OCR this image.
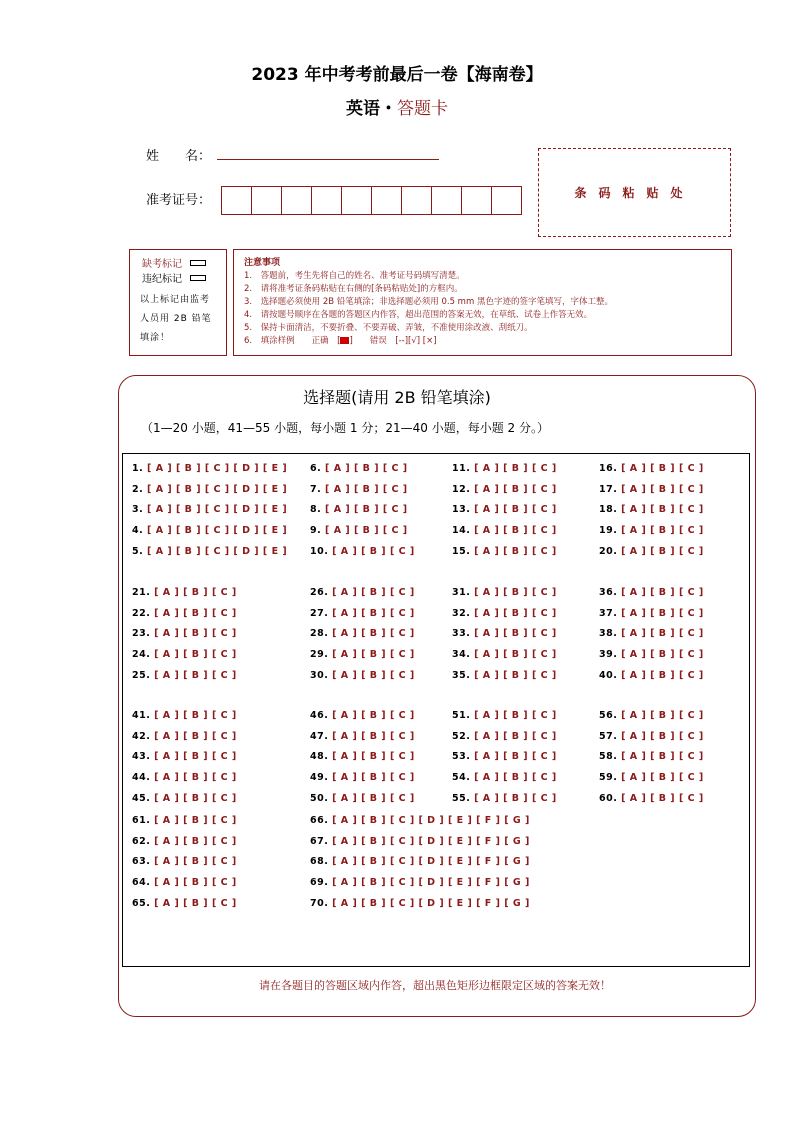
2023 年中考考前最后一卷【海南卷】
英语・答题卡
姓　　名：
准考证号：	条码粘贴处
缺考标记
违纪标记
以上标记由监考人员用 2B 铅笔填涂！
注意事项
1.　答题前，考生先将自己的姓名、准考证号码填写清楚。
2.　请将准考证条码粘贴在右侧的[条码粘贴处]的方框内。
3.　选择题必须使用 2B 铅笔填涂；非选择题必须用 0.5 mm 黑色字迹的签字笔填写，字体工整。
4.　请按题号顺序在各题的答题区内作答，超出范围的答案无效，在草纸、试卷上作答无效。
5.　保持卡面清洁，不要折叠、不要弄破、弄皱，不准使用涂改液、刮纸刀。
6.　填涂样例　　正确　[ ]　　错误　[--][√] [×]
选择题(请用 2B 铅笔填涂)
（1—20 小题，41—55 小题，每小题 1 分；21—40 小题，每小题 2 分。）
请在各题目的答题区域内作答，超出黑色矩形边框限定区域的答案无效！
1. [ A ] [ B ] [ C ] [ D ] [ E ]
2. [ A ] [ B ] [ C ] [ D ] [ E ]
3. [ A ] [ B ] [ C ] [ D ] [ E ]
4. [ A ] [ B ] [ C ] [ D ] [ E ]
5. [ A ] [ B ] [ C ] [ D ] [ E ]
6. [ A ] [ B ] [ C ]
7. [ A ] [ B ] [ C ]
8. [ A ] [ B ] [ C ]
9. [ A ] [ B ] [ C ]
10. [ A ] [ B ] [ C ]
11. [ A ] [ B ] [ C ]
12. [ A ] [ B ] [ C ]
13. [ A ] [ B ] [ C ]
14. [ A ] [ B ] [ C ]
15. [ A ] [ B ] [ C ]
16. [ A ] [ B ] [ C ]
17. [ A ] [ B ] [ C ]
18. [ A ] [ B ] [ C ]
19. [ A ] [ B ] [ C ]
20. [ A ] [ B ] [ C ]
21. [ A ] [ B ] [ C ]
22. [ A ] [ B ] [ C ]
23. [ A ] [ B ] [ C ]
24. [ A ] [ B ] [ C ]
25. [ A ] [ B ] [ C ]
26. [ A ] [ B ] [ C ]
27. [ A ] [ B ] [ C ]
28. [ A ] [ B ] [ C ]
29. [ A ] [ B ] [ C ]
30. [ A ] [ B ] [ C ]
31. [ A ] [ B ] [ C ]
32. [ A ] [ B ] [ C ]
33. [ A ] [ B ] [ C ]
34. [ A ] [ B ] [ C ]
35. [ A ] [ B ] [ C ]
36. [ A ] [ B ] [ C ]
37. [ A ] [ B ] [ C ]
38. [ A ] [ B ] [ C ]
39. [ A ] [ B ] [ C ]
40. [ A ] [ B ] [ C ]
41. [ A ] [ B ] [ C ]
42. [ A ] [ B ] [ C ]
43. [ A ] [ B ] [ C ]
44. [ A ] [ B ] [ C ]
45. [ A ] [ B ] [ C ]
46. [ A ] [ B ] [ C ]
47. [ A ] [ B ] [ C ]
48. [ A ] [ B ] [ C ]
49. [ A ] [ B ] [ C ]
50. [ A ] [ B ] [ C ]
51. [ A ] [ B ] [ C ]
52. [ A ] [ B ] [ C ]
53. [ A ] [ B ] [ C ]
54. [ A ] [ B ] [ C ]
55. [ A ] [ B ] [ C ]
56. [ A ] [ B ] [ C ]
57. [ A ] [ B ] [ C ]
58. [ A ] [ B ] [ C ]
59. [ A ] [ B ] [ C ]
60. [ A ] [ B ] [ C ]
61. [ A ] [ B ] [ C ]	66. [ A ] [ B ] [ C ] [ D ] [ E ] [ F ] [ G ]
62. [ A ] [ B ] [ C ]	67. [ A ] [ B ] [ C ] [ D ] [ E ] [ F ] [ G ]
63. [ A ] [ B ] [ C ]	68. [ A ] [ B ] [ C ] [ D ] [ E ] [ F ] [ G ]
64. [ A ] [ B ] [ C ]	69. [ A ] [ B ] [ C ] [ D ] [ E ] [ F ] [ G ]
65. [ A ] [ B ] [ C ]	70. [ A ] [ B ] [ C ] [ D ] [ E ] [ F ] [ G ]
